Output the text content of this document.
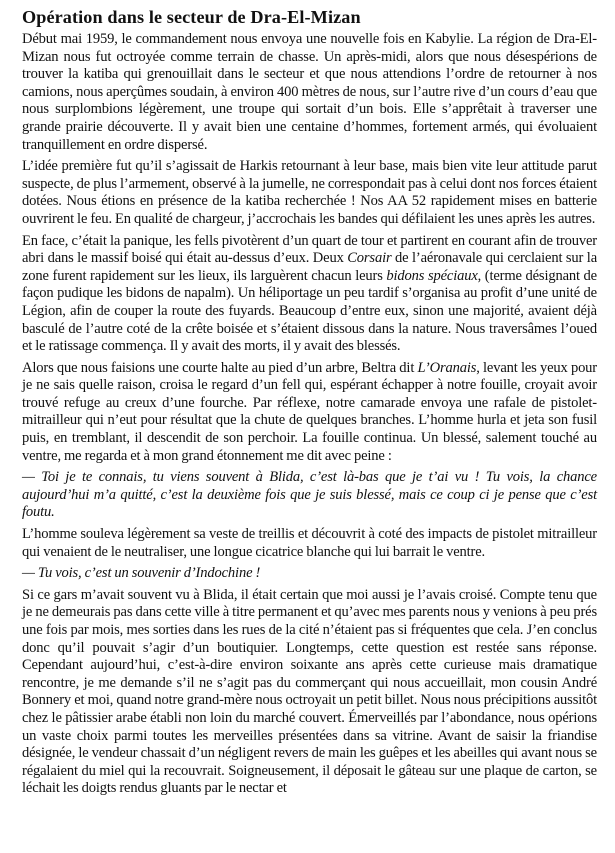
Opération dans le secteur de Dra-El-Mizan

Début mai 1959, le commandement nous envoya une nouvelle fois en Kabylie. La région de Dra-El-Mizan nous fut octroyée comme terrain de chasse. Un après-midi, alors que nous désespérions de trouver la katiba qui grenouillait dans le secteur et que nous attendions l’ordre de retourner à nos camions, nous aperçûmes soudain, à environ 400 mètres de nous, sur l’autre rive d’un cours d’eau que nous surplombions légèrement, une troupe qui sortait d’un bois. Elle s’apprêtait à traverser une grande prairie découverte. Il y avait bien une centaine d’hommes, fortement armés, qui évoluaient tranquillement en ordre dispersé.

L’idée première fut qu’il s’agissait de Harkis retournant à leur base, mais bien vite leur attitude parut suspecte, de plus l’armement, observé à la jumelle, ne correspondait pas à celui dont nos forces étaient dotées. Nous étions en présence de la katiba recherchée ! Nos AA 52 rapidement mises en batterie ouvrirent le feu. En qualité de chargeur, j’accrochais les bandes qui défilaient les unes après les autres.

En face, c’était la panique, les fells pivotèrent d’un quart de tour et partirent en courant afin de trouver abri dans le massif boisé qui était au-dessus d’eux. Deux Corsair de l’aéronavale qui cerclaient sur la zone furent rapidement sur les lieux, ils larguèrent chacun leurs bidons spéciaux, (terme désignant de façon pudique les bidons de napalm). Un héliportage un peu tardif s’organisa au profit d’une unité de Légion, afin de couper la route des fuyards. Beaucoup d’entre eux, sinon une majorité, avaient déjà basculé de l’autre coté de la crête boisée et s’étaient dissous dans la nature. Nous traversâmes l’oued et le ratissage commença. Il y avait des morts, il y avait des blessés.

Alors que nous faisions une courte halte au pied d’un arbre, Beltra dit L’Oranais, levant les yeux pour je ne sais quelle raison, croisa le regard d’un fell qui, espérant échapper à notre fouille, croyait avoir trouvé refuge au creux d’une fourche. Par réflexe, notre camarade envoya une rafale de pistolet-mitrailleur qui n’eut pour résultat que la chute de quelques branches. L’homme hurla et jeta son fusil puis, en tremblant, il descendit de son perchoir. La fouille continua. Un blessé, salement touché au ventre, me regarda et à mon grand étonnement me dit avec peine :

— Toi je te connais, tu viens souvent à Blida, c’est là-bas que je t’ai vu ! Tu vois, la chance aujourd’hui m’a quitté, c’est la deuxième fois que je suis blessé, mais ce coup ci je pense que c’est foutu.

L’homme souleva légèrement sa veste de treillis et découvrit à coté des impacts de pistolet mitrailleur qui venaient de le neutraliser, une longue cicatrice blanche qui lui barrait le ventre.

— Tu vois, c’est un souvenir d’Indochine !

Si ce gars m’avait souvent vu à Blida, il était certain que moi aussi je l’avais croisé. Compte tenu que je ne demeurais pas dans cette ville à titre permanent et qu’avec mes parents nous y venions à peu prés une fois par mois, mes sorties dans les rues de la cité n’étaient pas si fréquentes que cela. J’en conclus donc qu’il pouvait s’agir d’un boutiquier. Longtemps, cette question est restée sans réponse. Cependant aujourd’hui, c’est-à-dire environ soixante ans après cette curieuse mais dramatique rencontre, je me demande s’il ne s’agit pas du commerçant qui nous accueillait, mon cousin André Bonnery et moi, quand notre grand-mère nous octroyait un petit billet. Nous nous précipitions aussitôt chez le pâtissier arabe établi non loin du marché couvert. Émerveillés par l’abondance, nous opérions un vaste choix parmi toutes les merveilles présentées dans sa vitrine. Avant de saisir la friandise désignée, le vendeur chassait d’un négligent revers de main les guêpes et les abeilles qui avant nous se régalaient du miel qui la recouvrait. Soigneusement, il déposait le gâteau sur une plaque de carton, se léchait les doigts rendus gluants par le nectar et
